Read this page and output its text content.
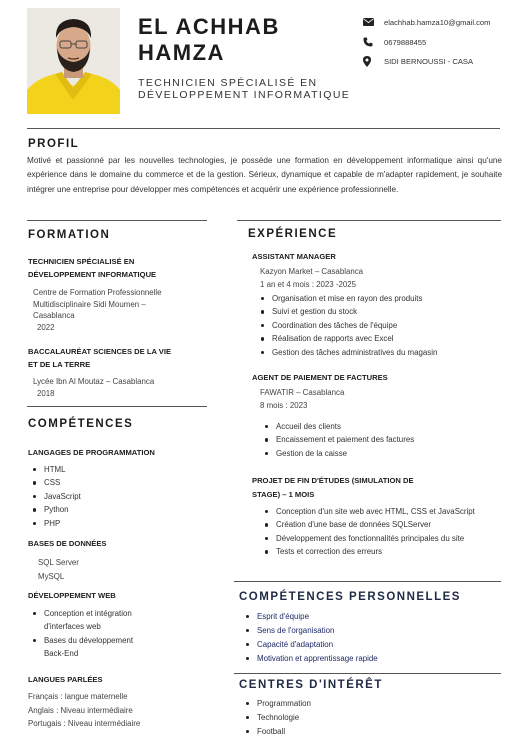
EL ACHHAB
HAMZA
TECHNICIEN SPÉCIALISÉ EN
DÉVELOPPEMENT INFORMATIQUE
elachhab.hamza10@gmail.com
0679888455
SIDI BERNOUSSI - CASA
PROFIL
Motivé et passionné par les nouvelles technologies, je possède une formation en développement informatique ainsi qu'une expérience dans le domaine du commerce et de la gestion. Sérieux, dynamique et capable de m'adapter rapidement, je souhaite intégrer une entreprise pour développer mes compétences et acquérir une expérience professionnelle.
FORMATION
TECHNICIEN SPÉCIALISÉ EN
DÉVELOPPEMENT INFORMATIQUE
Centre de Formation Professionnelle
Multidisciplinaire Sidi Moumen –
Casablanca
2022
BACCALAURÉAT SCIENCES DE LA VIE
ET DE LA TERRE
Lycée Ibn Al Moutaz – Casablanca
2018
COMPÉTENCES
LANGAGES DE PROGRAMMATION
HTML
CSS
JavaScript
Python
PHP
BASES DE DONNÉES
SQL Server
MySQL
DÉVELOPPEMENT WEB
Conception et intégration
d'interfaces web
Bases du développement
Back-End
LANGUES PARLÉES
Français : langue maternelle
Anglais : Niveau intermédiaire
Portugais : Niveau intermédiaire
EXPÉRIENCE
ASSISTANT MANAGER
Kazyon Market – Casablanca
1 an et 4 mois : 2023 -2025
Organisation et mise en rayon des produits
Suivi et gestion du stock
Coordination des tâches de l'équipe
Réalisation de rapports avec Excel
Gestion des tâches administratives du magasin
AGENT DE PAIEMENT DE FACTURES
FAWATIR – Casablanca
8 mois : 2023
Accueil des clients
Encaissement et paiement des factures
Gestion de la caisse
PROJET DE FIN D'ÉTUDES (SIMULATION DE
STAGE) – 1 MOIS
Conception d'un site web avec HTML, CSS et JavaScript
Création d'une base de données SQLServer
Développement des fonctionnalités principales du site
Tests et correction des erreurs
COMPÉTENCES PERSONNELLES
Esprit d'équipe
Sens de l'organisation
Capacité d'adaptation
Motivation et apprentissage rapide
CENTRES D'INTÉRÊT
Programmation
Technologie
Football
